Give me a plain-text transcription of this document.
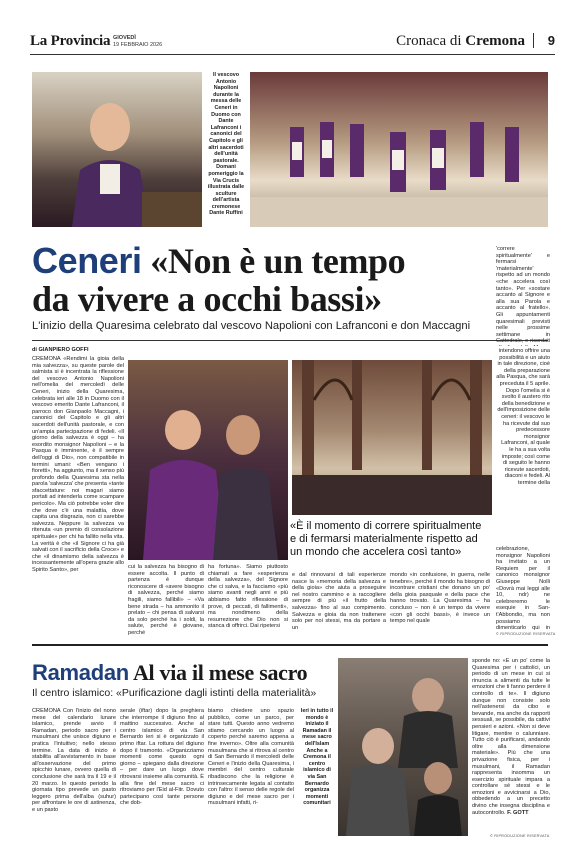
La Provincia GIOVEDÌ
19 FEBBRAIO 2026	Cronaca di Cremona	9
Il vescovo Antonio Napolioni durante la messa delle Ceneri in Duomo con Dante Lafranconi i canonici del Capitolo e gli altri sacerdoti dell'unità pastorale. Domani pomeriggio la Via Crucis illustrata dalle sculture dell'artista cremonese Dante Ruffini
Ceneri «Non è un tempo
da vivere a occhi bassi»
L'inizio della Quaresima celebrato dal vescovo Napolioni con Lafranconi e don Maccagni
di GIANPIERO GOFFI
CREMONA «Rendimi la gioia della mia salvezza», su queste parole del salmista si è incentrata la riflessione del vescovo Antonio Napolioni nell'omelia del mercoledì delle Ceneri, inizio della Quaresima, celebrata ieri alle 18 in Duomo con il vescovo emerito Dante Lafranconi, il parroco don Gianpaolo Maccagni, i canonici del Capitolo e gli altri sacerdoti dell'unità pastorale, e con un'ampia partecipazione di fedeli. «Il giorno della salvezza è oggi – ha esordito monsignor Napolioni – e la Pasqua è imminente, è il sempre dell'oggi di Dio», non compatibile in termini umani: «Ben vengano i fioretti», ha aggiunto, ma il senso più profondo della Quaresima sta nella parola 'salvezza' che presenta «tante sfaccettature: noi magari siamo portati ad intenderla come scampare pericolo». Ma ciò potrebbe voler dire che dove c'è una malattia, dove capita una disgrazia, non ci sarebbe salvezza. Neppure la salvezza va ritenuta «un premio di consolazione spirituale» per chi ha fallito nella vita. La verità è che «il Signore ci ha già salvati con il sacrificio della Croce» e che «il dinamismo della salvezza è incessantemente all'opera grazie allo Spirito Santo», per	cui la salvezza ha bisogno di essere accolta. Il punto di partenza è dunque riconoscere di «avere bisogno di salvezza, perché siamo fragili, siamo fallibili» – «Va bene strada – ha ammonito il prelato – chi pensa di salvarsi da solo perché ha i soldi, la salute, perché è giovane, perché
ha fortuna». Siamo piuttosto chiamati a fare «esperienza della salvezza», del Signore che ci salva, e la facciamo «più siamo avanti negli anni e più abbiamo fatto riflessione di prove, di peccati, di fallimenti», ma nondimeno della resurrezione che Dio non si stanca di offrirci. Dai ripetersi
«È il momento di correre spiritualmente e di fermarsi materialmente rispetto ad un mondo che accelera così tanto»
e dal rinnovarsi di tali esperienze nasce la «memoria della salvezza e della gioia» che aiuta a proseguire nel nostro cammino e a raccogliere sempre di più «il frutto della salvezza» fino al suo compimento. Salvezza e gioia da non trattenere solo per noi stessi, ma da portare a un
mondo «in confusione, in guerra, nelle tenebre», perché il mondo ha bisogno di incontrare cristiani che donano un po' della gioia pasquale e della pace che hanno trovato. La Quaresima – ha concluso – non è un tempo da vivere «con gli occhi bassi», è invece un tempo nel quale
'correre spiritualmente' e fermarsi 'materialmente' rispetto ad un mondo «che accelera così tanto». Per «sostare accanto al Signore e alla sua Parola e accanto al fratello». Gli appuntamenti quaresimali previsti nelle prossime settimane in Cattedrale, e ricordati
intendono offrire una possibilità e un aiuto in tale direzione, cioè della preparazione alla Pasqua, che sarà preceduta il 5 aprile. Dopo l'omelia si è svolto il austero rito della benedizione e dell'imposizione delle ceneri: il vescovo le ha ricevute dal suo predecessore monsignor Lafranconi, al quale le ha a sua volta imposte; così come di seguito le hanno ricevute sacerdoti, diaconi e fedeli. Al termine della
celebrazione, monsignor Napolioni ha invitato a un Requiem per il canonico monsignor Giuseppe Nolli «Dovrà mai leggi alle 10, ndr) ne celebreremo le esequie in San- t'Abbondio, ma non possiamo dimenticarlo qui in
© RIPRODUZIONE RISERVATA
Ramadan Al via il mese sacro
Il centro islamico: «Purificazione dagli istinti della materialità»
CREMONA Con l'inizio del nono mese del calendario lunare islamico, prende avvio il Ramadan, periodo sacro per i musulmani che unisce digiuno e pratica l'intuitivo; nello stesso termine. La data di inizio è stabilita all'avvistamento in base all'osservazione del primo spicchio lunare, ovvero quella di conclusione che sarà tra il 19 e il 20 marzo. In questo periodo la giornata tipo prevede un pasto leggero prima dell'alba (suhur) per affrontare le ore di astinenza, e un pasto
serale (iftar) dopo la preghiera che interrompe il digiuno fino al mattino successivo. Anche al centro islamico di via San Bernardo ieri si è organizzato il primo iftar. La rottura del digiuno dopo il tramonto. «Organizziamo momenti come questo ogni giorno – spiegano dalla direzione – per dare un luogo dove ritrovarsi insieme alla comunità. È alla fine del mese sacro ci ritroviamo per l'Eid al-Fitr. Dovuto partecipano così tante persone che dob-
biamo chiedere uno spazio pubblico, come un parco, per stare tutti. Questo anno vedremo stiamo cercando un luogo al coperto perché saremo appena a fine inverno». Oltre alla comunità musulmana che si ritrova al centro di San Bernardo il mercoledì delle Ceneri e l'inizio della Quaresima, i membri del centro culturale ribadiscono che la religione è intrinsecamente legata al contatto con l'altro: il senso delle regole del digiuno e del mese sacro per i musulmani infatti, ri-
Ieri in tutto il mondo è iniziato il Ramadan il mese sacro dell'Islam Anche a Cremona il centro islamico di via San Bernardo organizza momenti comunitari
sponde no: «È un po' come la Quaresima per i cattolici, un periodo di un mese in cui si rinuncia a alimenti da tutte le emozioni che ti fanno perdere il controllo di te». Il digiuno dunque non consiste solo nell'astenersi da cibo e bevande, ma anche da rapporti sessuali, se possibile, da cattivi pensieri e azioni. «Non si deve litigare, mentire o calunniare. Tutto ciò è purificarsi, andando oltre alla dimensione materiale». Più che una privazione fisica, per i musulmani, il Ramadan rappresenta insomma un esercizio spirituale impara a controllare sé stessi e le emozioni e avvicinarsi a Dio, obbedendo a un precetto divino che insegna disciplina e autocontrollo. F. GOTT
© RIPRODUZIONE RISERVATA
